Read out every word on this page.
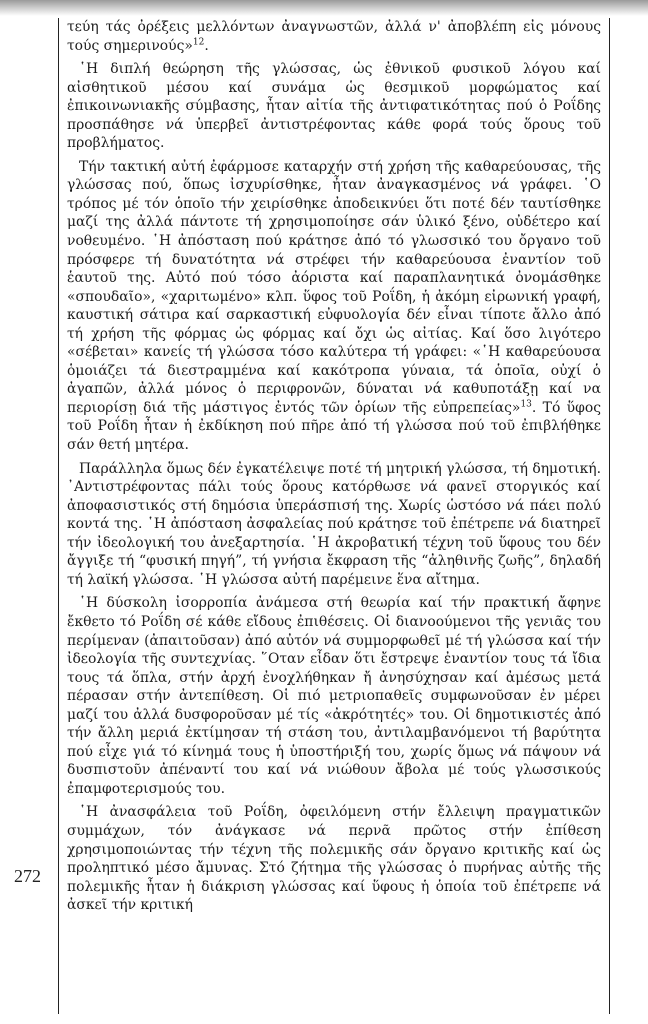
272

τεύη τάς ὀρέξεις μελλόντων ἀναγνωστῶν, ἀλλά ν' ἀποβλέπη εἰς μόνους τούς σημερινούς»$^{12}$.

῾Η διπλή θεώρηση τῆς γλώσσας, ὡς ἐθνικοῦ φυσικοῦ λόγου καί αἰσθητικοῦ μέσου καί συνάμα ὡς θεσμικοῦ μορφώματος καί ἐπικοινωνιακῆς σύμβασης, ἦταν αἰτία τῆς ἀντιφατικότητας πού ὁ Ροΐδης προσπάθησε νά ὑπερβεῖ ἀντιστρέφοντας κάθε φορά τούς ὅρους τοῦ προβλήματος.

Τήν τακτική αὐτή ἐφάρμοσε καταρχήν στή χρήση τῆς καθαρεύουσας, τῆς γλώσσας πού, ὅπως ἰσχυρίσθηκε, ἦταν ἀναγκασμένος νά γράφει. ῾Ο τρόπος μέ τόν ὁποῖο τήν χειρίσθηκε ἀποδεικνύει ὅτι ποτέ δέν ταυτίσθηκε μαζί της ἀλλά πάντοτε τή χρησιμοποίησε σάν ὑλικό ξένο, οὐδέτερο καί νοθευμένο. ῾Η ἀπόσταση πού κράτησε ἀπό τό γλωσσικό του ὄργανο τοῦ πρόσφερε τή δυνατότητα νά στρέφει τήν καθαρεύουσα ἐναντίον τοῦ ἑαυτοῦ της. Αὐτό πού τόσο ἀόριστα καί παραπλανητικά ὀνομάσθηκε «σπουδαῖο», «χαριτωμένο» κλπ. ὕφος τοῦ Ροΐδη, ἡ ἀκόμη εἰρωνική γραφή, καυστική σάτιρα καί σαρκαστική εὐφυολογία δέν εἶναι τίποτε ἄλλο ἀπό τή χρήση τῆς φόρμας ὡς φόρμας καί ὄχι ὡς αἰτίας. Καί ὅσο λιγότερο «σέβεται» κανείς τή γλώσσα τόσο καλύτερα τή γράφει: «῾Η καθαρεύουσα ὁμοιάζει τά διεστραμμένα καί κακότροπα γύναια, τά ὁποῖα, οὐχί ὁ ἀγαπῶν, ἀλλά μόνος ὁ περιφρονῶν, δύναται νά καθυποτάξῃ καί να περιορίσῃ διά τῆς μάστιγος ἐντός τῶν ὁρίων τῆς εὐπρεπείας»$^{13}$. Τό ὕφος τοῦ Ροΐδη ἦταν ἡ ἐκδίκηση πού πῆρε ἀπό τή γλώσσα πού τοῦ ἐπιβλήθηκε σάν θετή μητέρα.

Παράλληλα ὅμως δέν ἐγκατέλειψε ποτέ τή μητρική γλώσσα, τή δημοτική. ᾿Αντιστρέφοντας πάλι τούς ὅρους κατόρθωσε νά φανεῖ στοργικός καί ἀποφασιστικός στή δημόσια ὑπεράσπισή της. Χωρίς ὡστόσο νά πάει πολύ κοντά της. ῾Η ἀπόσταση ἀσφαλείας πού κράτησε τοῦ ἐπέτρεπε νά διατηρεῖ τήν ἰδεολογική του ἀνεξαρτησία. ῾Η ἀκροβατική τέχνη τοῦ ὕφους του δέν ἄγγιξε τή “φυσική πηγή”, τή γνήσια ἔκφραση τῆς “ἀληθινῆς ζωῆς”, δηλαδή τή λαϊκή γλώσσα. ῾Η γλώσσα αὐτή παρέμεινε ἕνα αἴτημα.

῾Η δύσκολη ἰσορροπία ἀνάμεσα στή θεωρία καί τήν πρακτική ἄφηνε ἔκθετο τό Ροΐδη σέ κάθε εἴδους ἐπιθέσεις. Οἱ διανοούμενοι τῆς γενιᾶς του περίμεναν (ἀπαιτοῦσαν) ἀπό αὐτόν νά συμμορφωθεῖ μέ τή γλώσσα καί τήν ἰδεολογία τῆς συντεχνίας. ῞Οταν εἶδαν ὅτι ἔστρεψε ἐναντίον τους τά ἴδια τους τά ὅπλα, στήν ἀρχή ἐνοχλήθηκαν ἤ ἀνησύχησαν καί ἀμέσως μετά πέρασαν στήν ἀντεπίθεση. Οἱ πιό μετριοπαθεῖς συμφωνοῦσαν ἐν μέρει μαζί του ἀλλά δυσφοροῦσαν μέ τίς «ἀκρότητές» του. Οἱ δημοτικιστές ἀπό τήν ἄλλη μεριά ἐκτίμησαν τή στάση του, ἀντιλαμβανόμενοι τή βαρύτητα πού εἶχε γιά τό κίνημά τους ἡ ὑποστήριξή του, χωρίς ὅμως νά πάψουν νά δυσπιστοῦν ἀπέναντί του καί νά νιώθουν ἄβολα μέ τούς γλωσσικούς ἐπαμφοτερισμούς του.

῾Η ἀνασφάλεια τοῦ Ροΐδη, ὀφειλόμενη στήν ἔλλειψη πραγματικῶν συμμάχων, τόν ἀνάγκασε νά περνᾶ πρῶτος στήν ἐπίθεση χρησιμοποιώντας τήν τέχνη τῆς πολεμικῆς σάν ὄργανο κριτικῆς καί ὡς προληπτικό μέσο ἄμυνας. Στό ζήτημα τῆς γλώσσας ὁ πυρήνας αὐτῆς τῆς πολεμικῆς ἦταν ἡ διάκριση γλώσσας καί ὕφους ἡ ὁποία τοῦ ἐπέτρεπε νά ἀσκεῖ τήν κριτική
